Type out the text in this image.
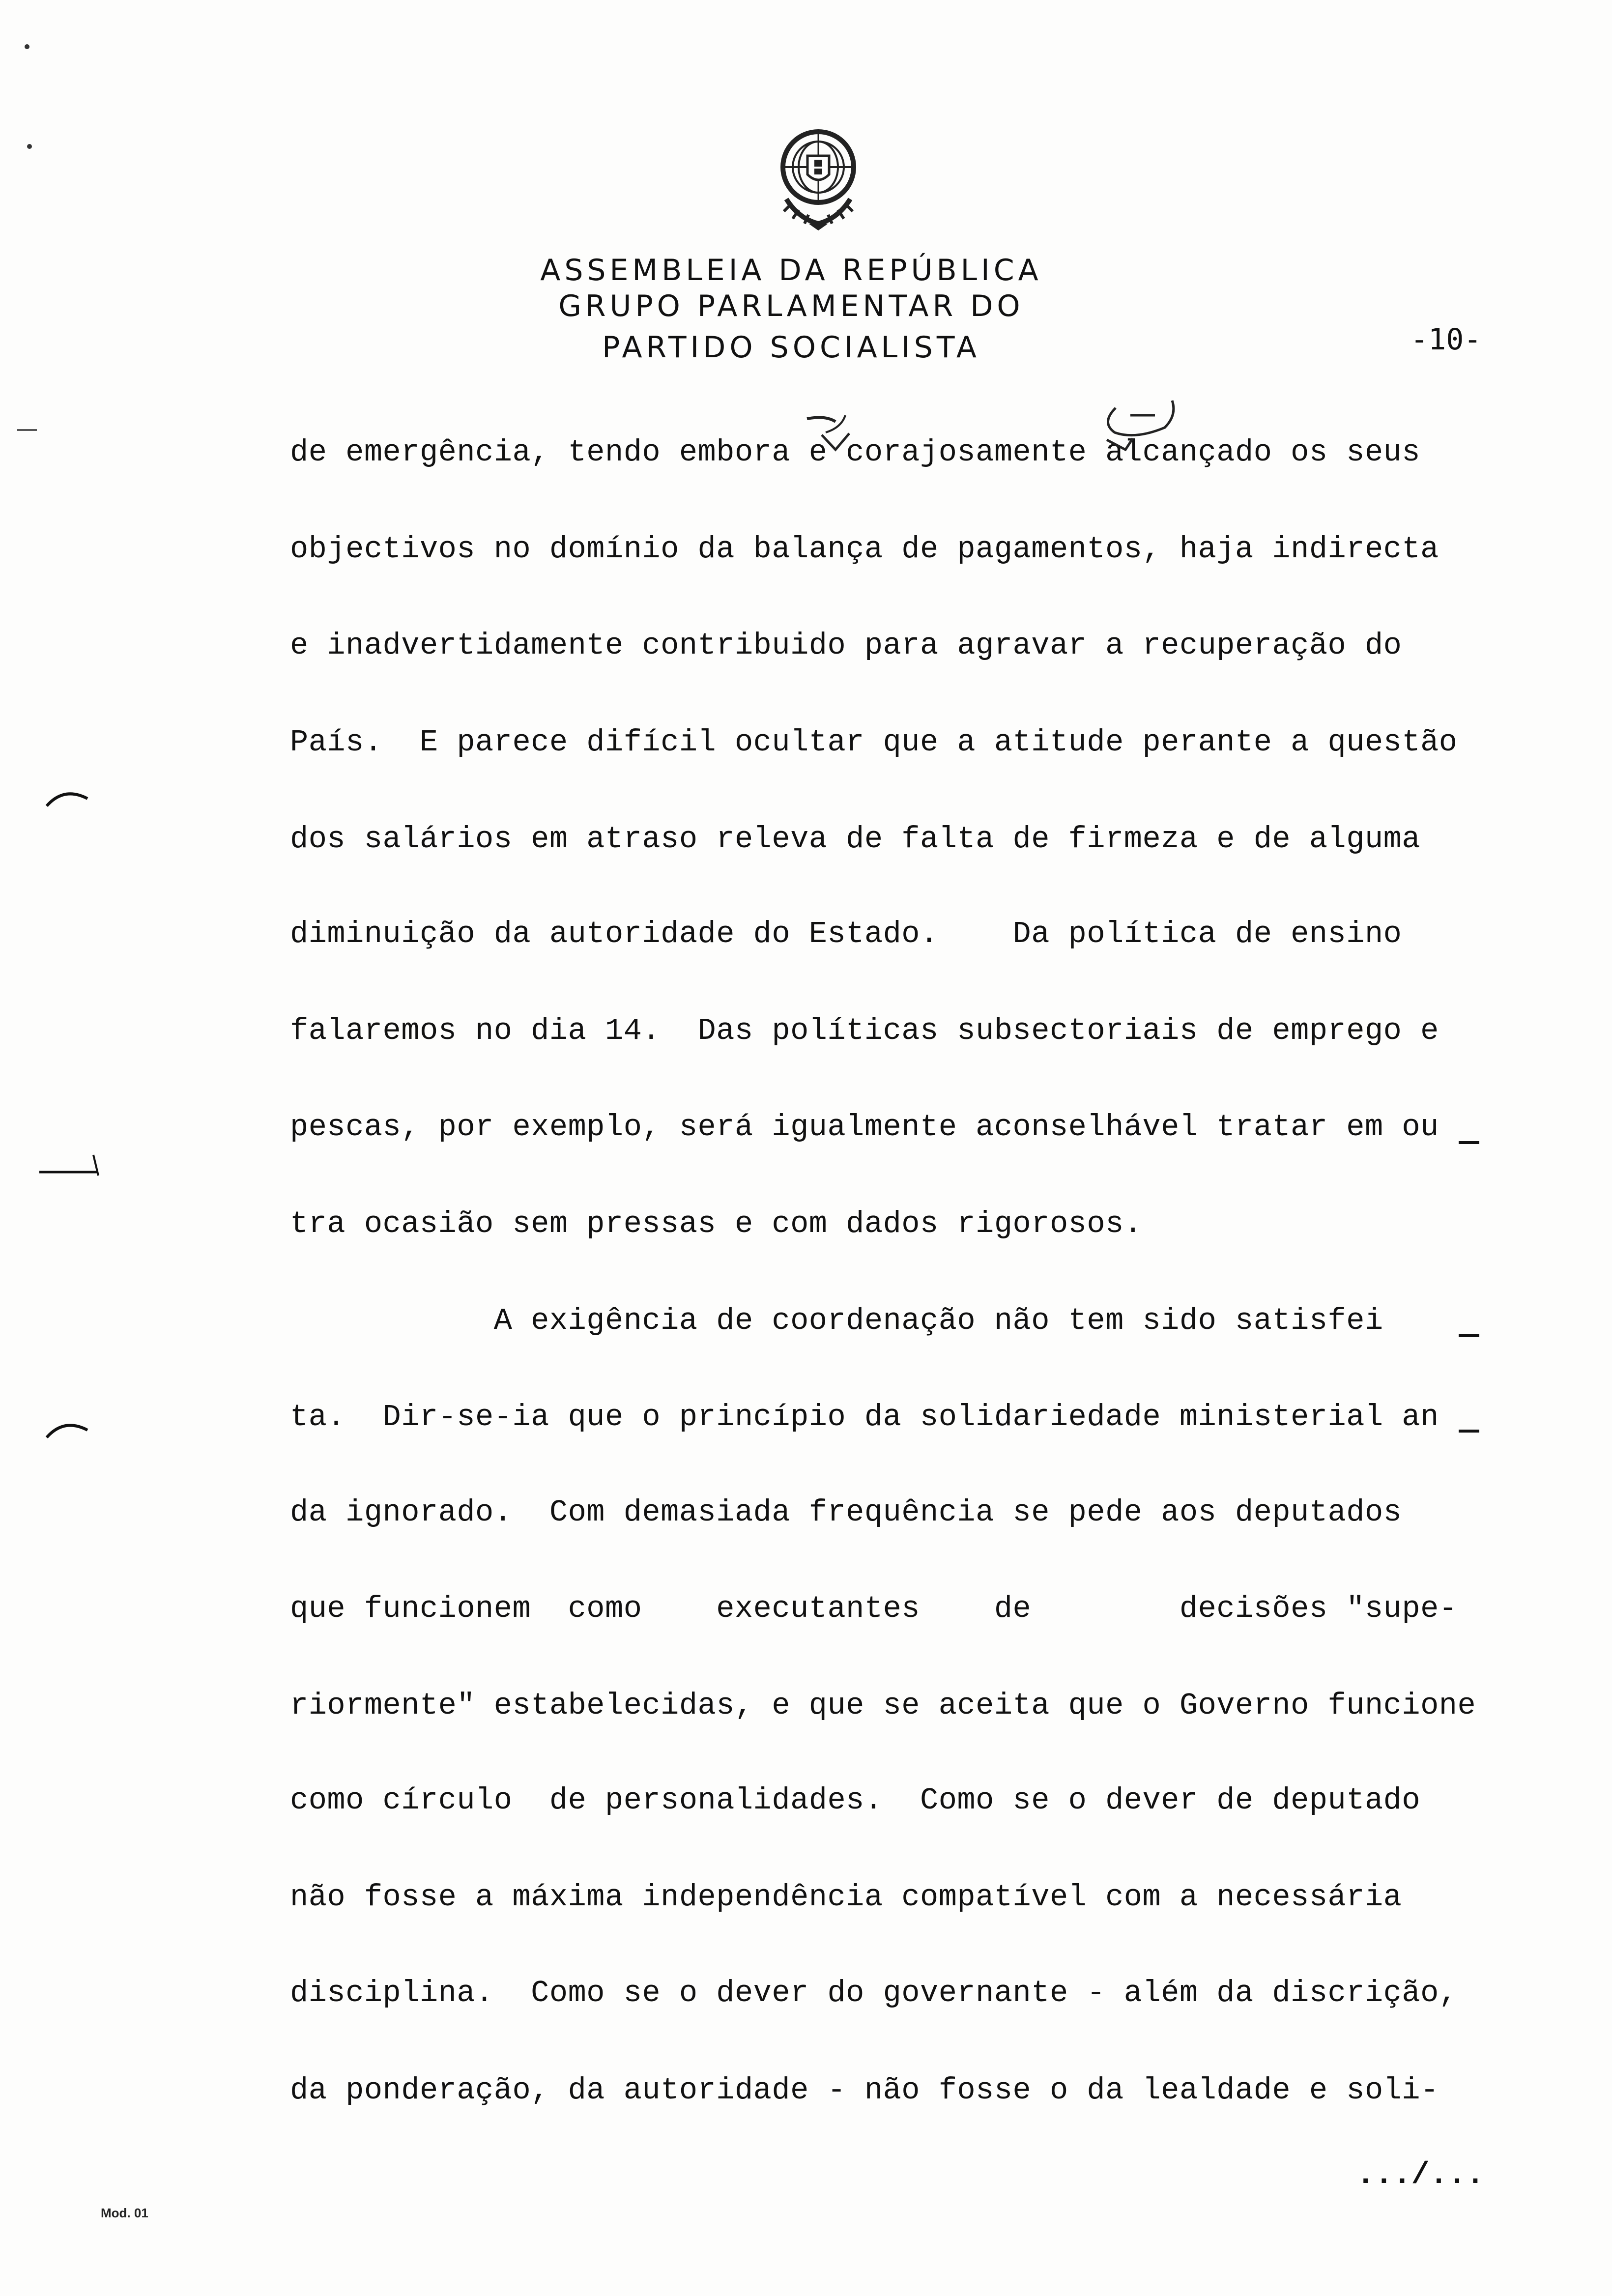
ASSEMBLEIA DA REPÚBLICA
GRUPO PARLAMENTAR DO
PARTIDO SOCIALISTA	-10-
de emergência, tendo embora e corajosamente alcançado os seus
objectivos no domínio da balança de pagamentos, haja indirecta
e inadvertidamente contribuido para agravar a recuperação do
País.  E parece difícil ocultar que a atitude perante a questão
dos salários em atraso releva de falta de firmeza e de alguma
diminuição da autoridade do Estado.    Da política de ensino
falaremos no dia 14.  Das políticas subsectoriais de emprego e
pescas, por exemplo, será igualmente aconselhável tratar em ou
tra ocasião sem pressas e com dados rigorosos.
A exigência de coordenação não tem sido satisfei
ta.  Dir-se-ia que o princípio da solidariedade ministerial an
da ignorado.  Com demasiada frequência se pede aos deputados
que funcionem  como    executantes    de        decisões "supe-
riormente" estabelecidas, e que se aceita que o Governo funcione
como círculo  de personalidades.  Como se o dever de deputado
não fosse a máxima independência compatível com a necessária
disciplina.  Como se o dever do governante - além da discrição,
da ponderação, da autoridade - não fosse o da lealdade e soli-
.../...
Mod. 01
